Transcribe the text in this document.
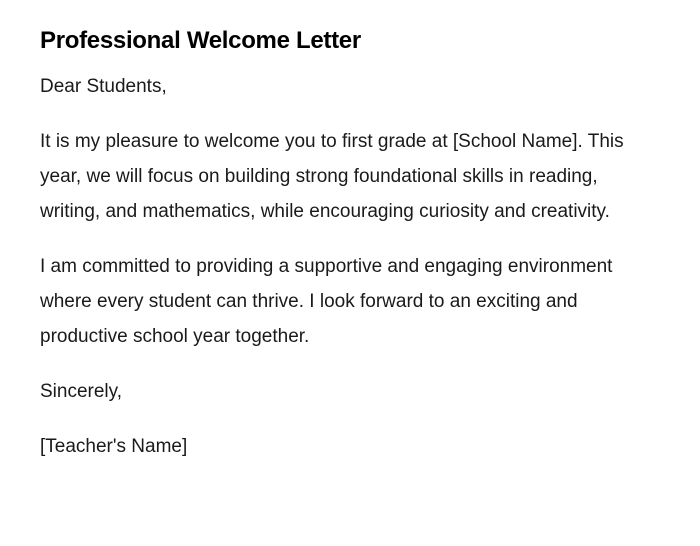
Professional Welcome Letter

Dear Students,

It is my pleasure to welcome you to first grade at [School Name]. This year, we will focus on building strong foundational skills in reading, writing, and mathematics, while encouraging curiosity and creativity.

I am committed to providing a supportive and engaging environment where every student can thrive. I look forward to an exciting and productive school year together.

Sincerely,

[Teacher's Name]
